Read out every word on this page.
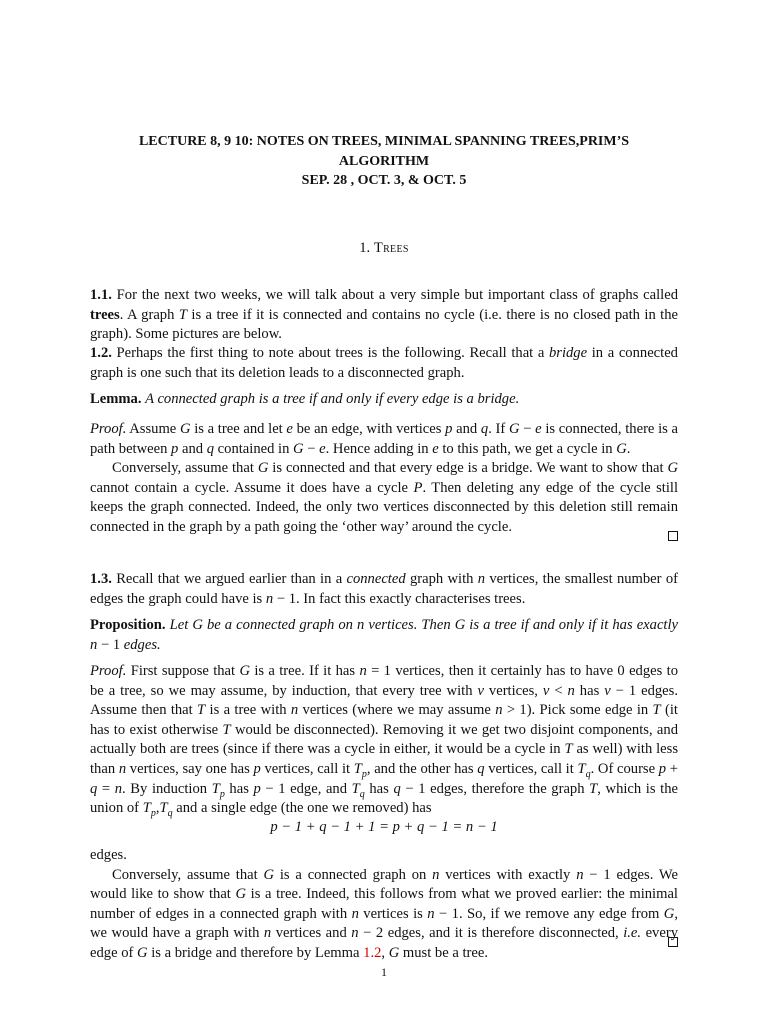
LECTURE 8, 9 10: NOTES ON TREES, MINIMAL SPANNING TREES,PRIM’S
ALGORITHM
SEP. 28 , OCT. 3, & OCT. 5
1. Trees

1.1. For the next two weeks, we will talk about a very simple but important class of graphs called trees. A graph T is a tree if it is connected and contains no cycle (i.e. there is no closed path in the graph). Some pictures are below.

1.2. Perhaps the first thing to note about trees is the following. Recall that a bridge in a connected graph is one such that its deletion leads to a disconnected graph.

Lemma. A connected graph is a tree if and only if every edge is a bridge.

Proof. Assume G is a tree and let e be an edge, with vertices p and q. If G − e is connected, there is a path between p and q contained in G − e. Hence adding in e to this path, we get a cycle in G.

Conversely, assume that G is connected and that every edge is a bridge. We want to show that G cannot contain a cycle. Assume it does have a cycle P. Then deleting any edge of the cycle still keeps the graph connected. Indeed, the only two vertices disconnected by this deletion still remain connected in the graph by a path going the ‘other way’ around the cycle.

1.3. Recall that we argued earlier than in a connected graph with n vertices, the smallest number of edges the graph could have is n − 1. In fact this exactly characterises trees.

Proposition. Let G be a connected graph on n vertices. Then G is a tree if and only if it has exactly n − 1 edges.

Proof. First suppose that G is a tree. If it has n = 1 vertices, then it certainly has to have 0 edges to be a tree, so we may assume, by induction, that every tree with v vertices, v < n has v − 1 edges. Assume then that T is a tree with n vertices (where we may assume n > 1). Pick some edge in T (it has to exist otherwise T would be disconnected). Removing it we get two disjoint components, and actually both are trees (since if there was a cycle in either, it would be a cycle in T as well) with less than n vertices, say one has p vertices, call it $T_p$, and the other has q vertices, call it $T_q$. Of course p + q = n. By induction $T_p$ has p − 1 edge, and $T_q$ has q − 1 edges, therefore the graph T, which is the union of $T_p,T_q$ and a single edge (the one we removed) has

p − 1 + q − 1 + 1 = p + q − 1 = n − 1

edges.

Conversely, assume that G is a connected graph on n vertices with exactly n − 1 edges. We would like to show that G is a tree. Indeed, this follows from what we proved earlier: the minimal number of edges in a connected graph with n vertices is n − 1. So, if we remove any edge from G, we would have a graph with n vertices and n − 2 edges, and it is therefore disconnected, i.e. every edge of G is a bridge and therefore by Lemma 1.2, G must be a tree.

1
